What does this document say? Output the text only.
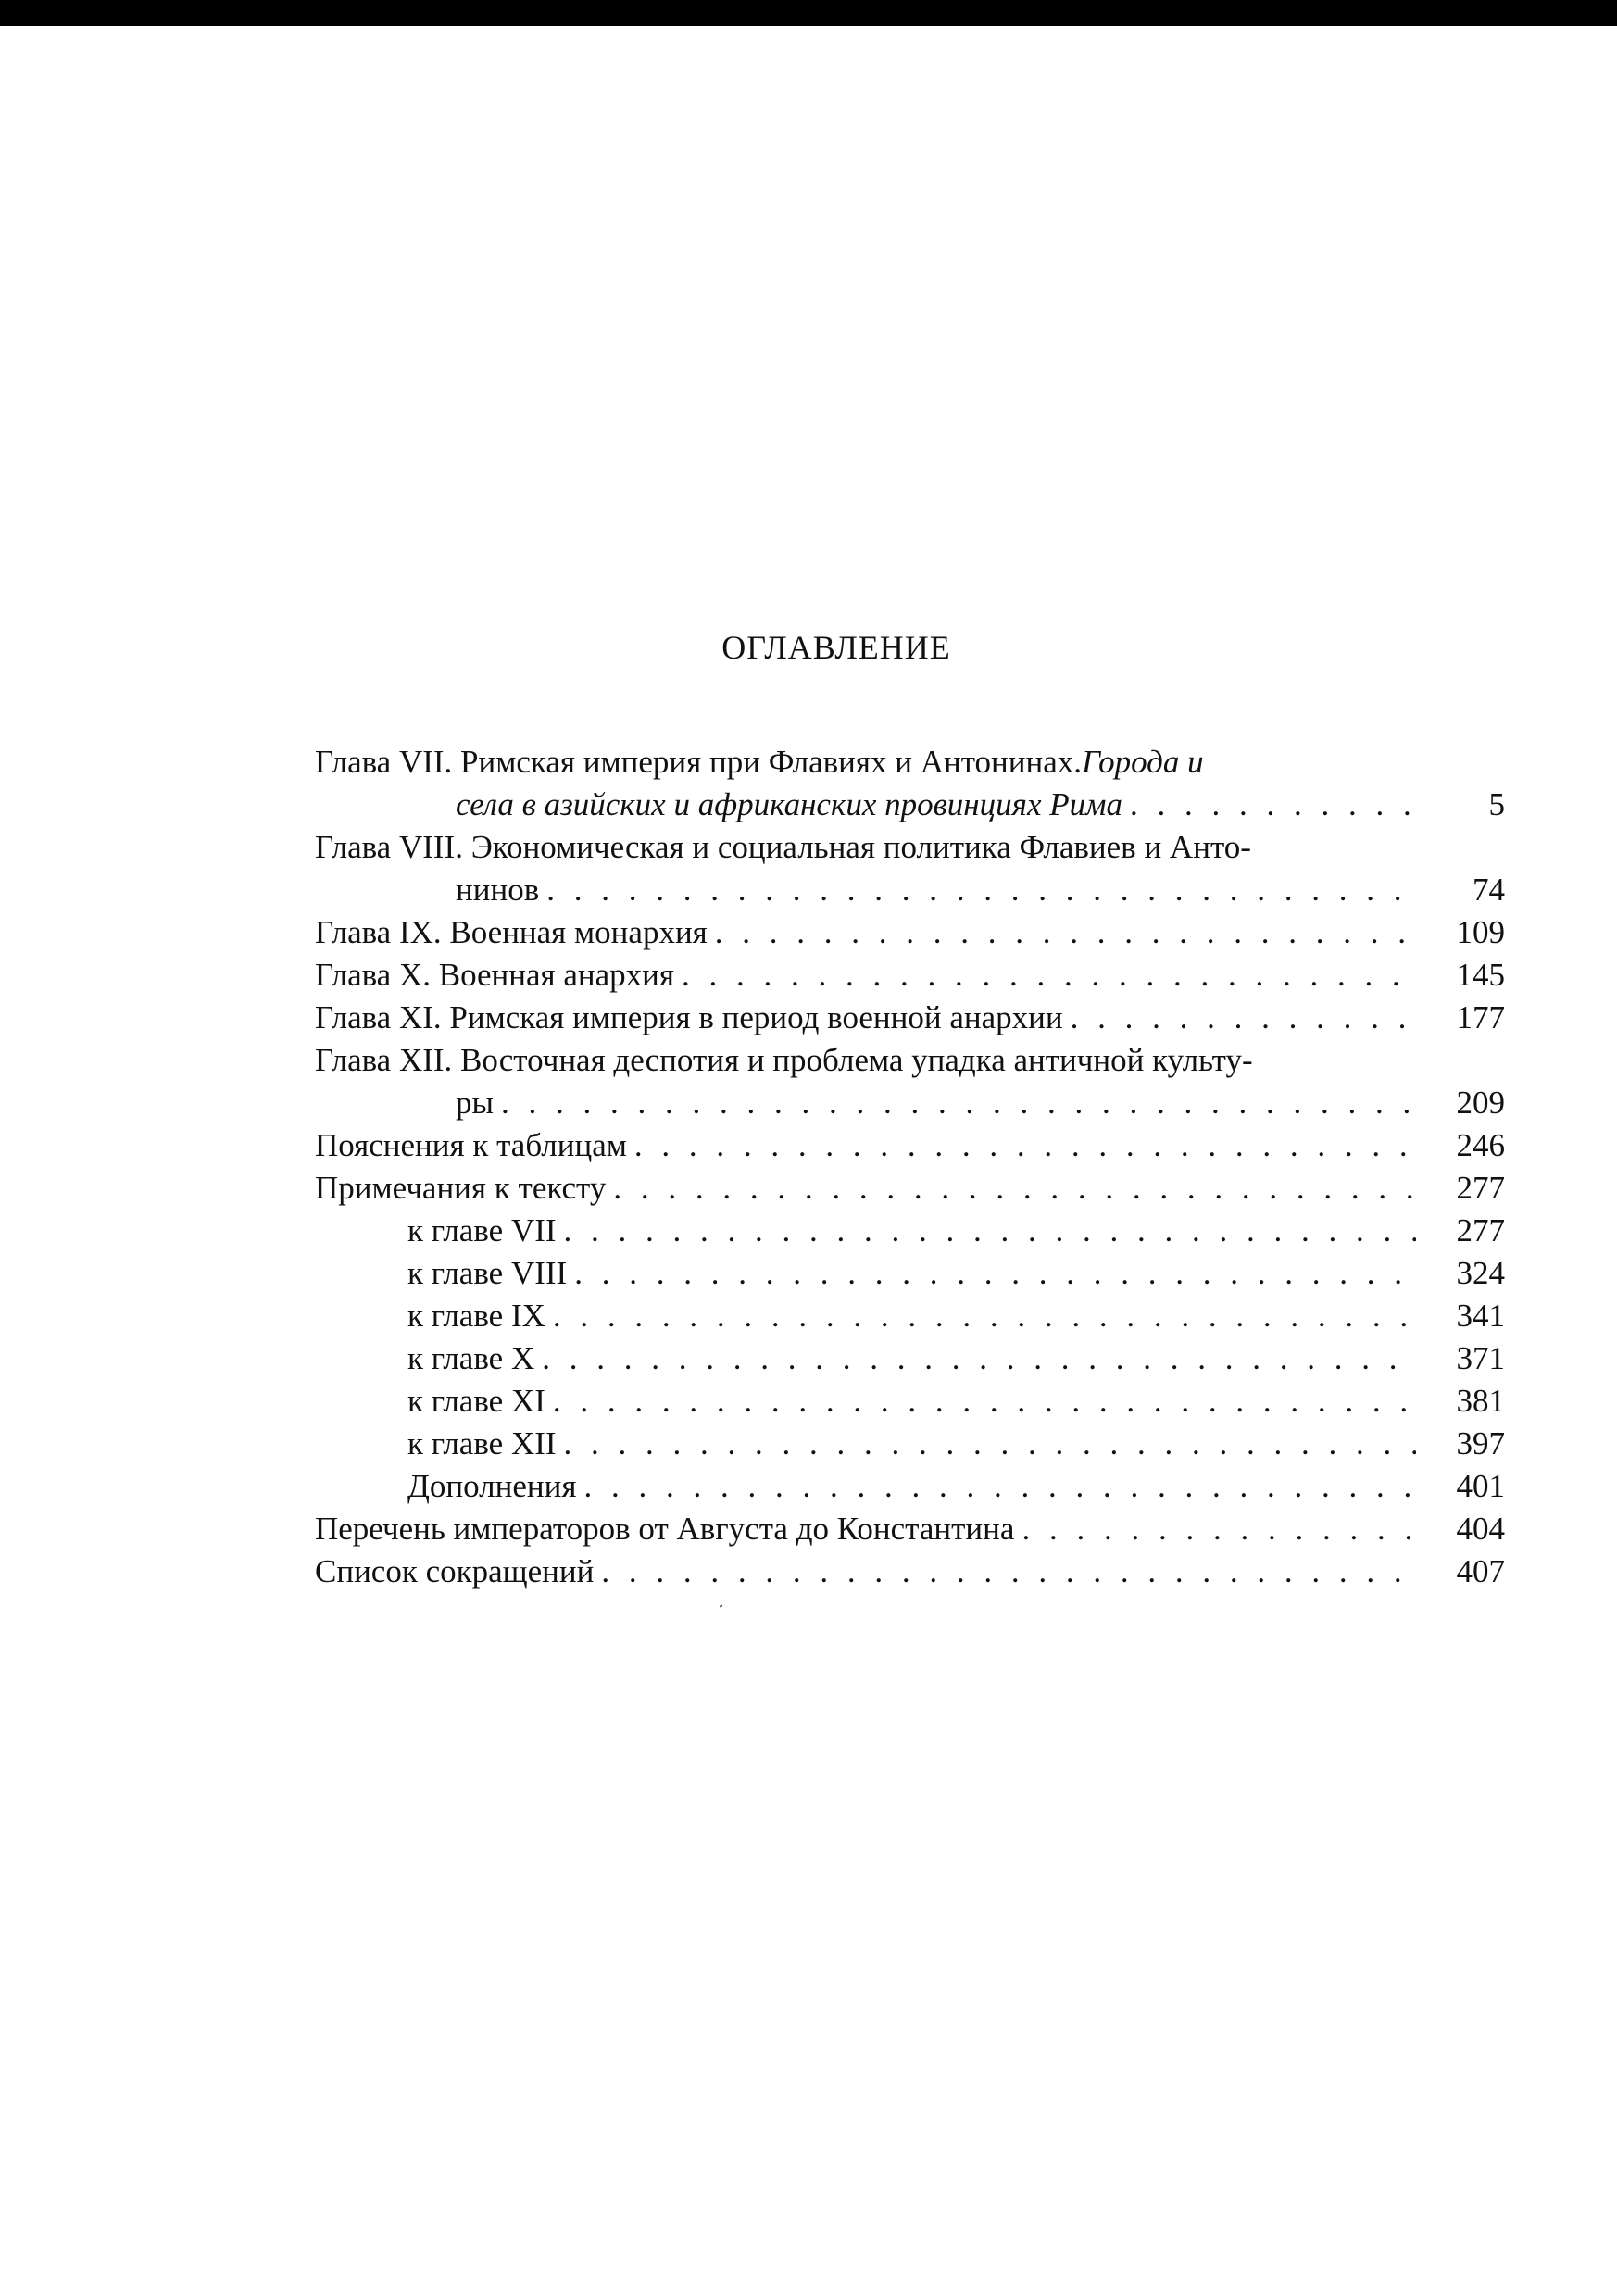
ОГЛАВЛЕНИЕ
Глава VII. Римская империя при Флавиях и Антонинах. Города и
села в азийских и африканских провинциях Рима . . .	5
Глава VIII. Экономическая и социальная политика Флавиев и Анто-
нинов . . .	74
Глава IX. Военная монархия . . .	109
Глава X. Военная анархия . . .	145
Глава XI. Римская империя в период военной анархии . . .	177
Глава XII. Восточная деспотия и проблема упадка античной культу-
ры . . .	209
Пояснения к таблицам . . .	246
Примечания к тексту . . .	277
к главе VII . . .	277
к главе VIII . . .	324
к главе IX . . .	341
к главе X . . .	371
к главе XI . . .	381
к главе XII . . .	397
Дополнения . . .	401
Перечень императоров от Августа до Константина . . .	404
Список сокращений . . .	407
